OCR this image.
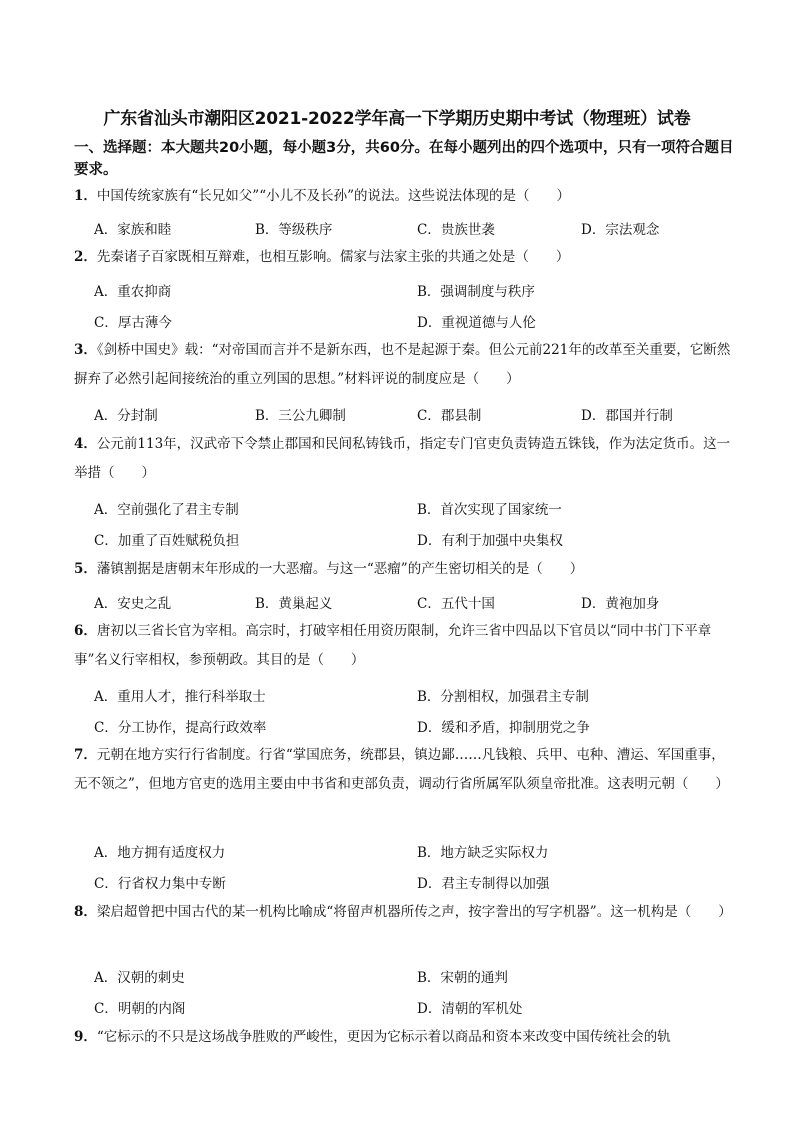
广东省汕头市潮阳区2021-2022学年高一下学期历史期中考试（物理班）试卷
一、选择题：本大题共20小题，每小题3分，共60分。在每小题列出的四个选项中，只有一项符合题目要求。
1．中国传统家族有“长兄如父”“小儿不及长孙”的说法。这些说法体现的是（　　）
A．家族和睦	B．等级秩序	C．贵族世袭	D．宗法观念
2．先秦诸子百家既相互辩难，也相互影响。儒家与法家主张的共通之处是（　　）
A．重农抑商	B．强调制度与秩序
C．厚古薄今	D．重视道德与人伦
3．《剑桥中国史》载：“对帝国而言并不是新东西，也不是起源于秦。但公元前221年的改革至关重要，它断然摒弃了必然引起间接统治的重立列国的思想。”材料评说的制度应是（　　）
A．分封制	B．三公九卿制	C．郡县制	D．郡国并行制
4．公元前113年，汉武帝下令禁止郡国和民间私铸钱币，指定专门官吏负责铸造五铢钱，作为法定货币。这一举措（　　）
A．空前强化了君主专制	B．首次实现了国家统一
C．加重了百姓赋税负担	D．有利于加强中央集权
5．藩镇割据是唐朝末年形成的一大恶瘤。与这一“恶瘤”的产生密切相关的是（　　）
A．安史之乱	B．黄巢起义	C．五代十国	D．黄袍加身
6．唐初以三省长官为宰相。高宗时，打破宰相任用资历限制，允许三省中四品以下官员以“同中书门下平章事”名义行宰相权，参预朝政。其目的是（　　）
A．重用人才，推行科举取士	B．分割相权，加强君主专制
C．分工协作，提高行政效率	D．缓和矛盾，抑制朋党之争
7．元朝在地方实行行省制度。行省“掌国庶务，统郡县，镇边鄙……凡钱粮、兵甲、屯种、漕运、军国重事，无不领之”，但地方官吏的选用主要由中书省和吏部负责，调动行省所属军队须皇帝批准。这表明元朝（　　）
A．地方拥有适度权力	B．地方缺乏实际权力
C．行省权力集中专断	D．君主专制得以加强
8．梁启超曾把中国古代的某一机构比喻成“将留声机器所传之声，按字誊出的写字机器”。这一机构是（　　）
A．汉朝的刺史	B．宋朝的通判
C．明朝的内阁	D．清朝的军机处
9．“它标示的不只是这场战争胜败的严峻性，更因为它标示着以商品和资本来改变中国传统社会的轨
